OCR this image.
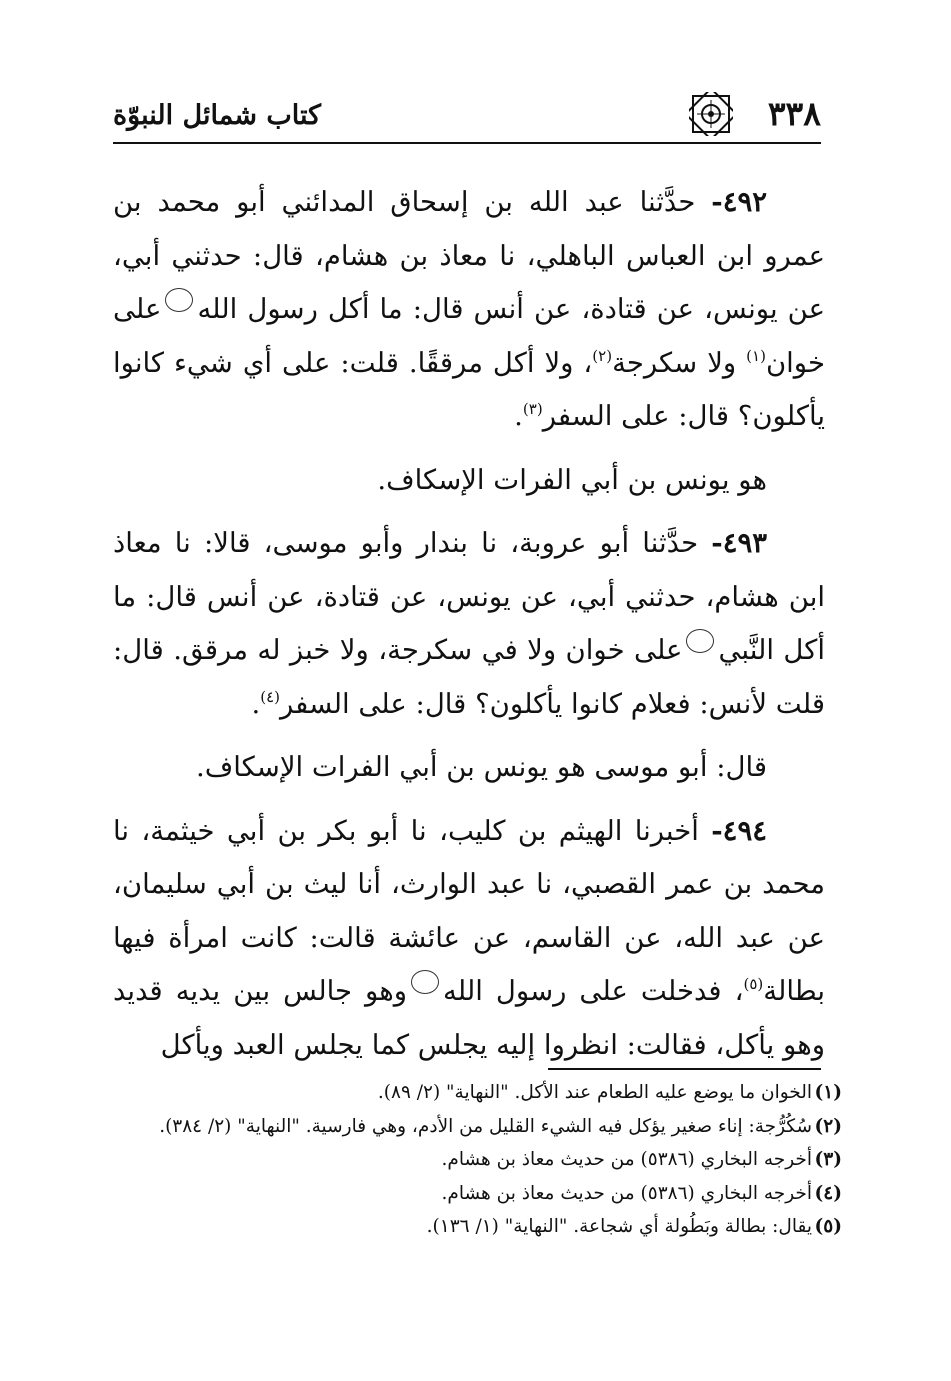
٣٣٨
كتاب شمائل النبوّة

٤٩٢- حدَّثنا عبد الله بن إسحاق المدائني أبو محمد بن عمرو ابن العباس الباهلي، نا معاذ بن هشام، قال: حدثني أبي، عن يونس، عن قتادة، عن أنس قال: ما أكل رسول اللهعلى خوان$^{(١)}$ ولا سكرجة$^{(٢)}$، ولا أكل مرققًا. قلت: على أي شيء كانوا يأكلون؟ قال: على السفر$^{(٣)}$.

هو يونس بن أبي الفرات الإسكاف.

٤٩٣- حدَّثنا أبو عروبة، نا بندار وأبو موسى، قالا: نا معاذ ابن هشام، حدثني أبي، عن يونس، عن قتادة، عن أنس قال: ما أكل النَّبيعلى خوان ولا في سكرجة، ولا خبز له مرقق. قال: قلت لأنس: فعلام كانوا يأكلون؟ قال: على السفر$^{(٤)}$.

قال: أبو موسى هو يونس بن أبي الفرات الإسكاف.

٤٩٤- أخبرنا الهيثم بن كليب، نا أبو بكر بن أبي خيثمة، نا محمد بن عمر القصبي، نا عبد الوارث، أنا ليث بن أبي سليمان، عن عبد الله، عن القاسم، عن عائشة قالت: كانت امرأة فيها بطالة$^{(٥)}$، فدخلت على رسول اللهوهو جالس بين يديه قديد وهو يأكل، فقالت: انظروا إليه يجلس كما يجلس العبد ويأكل

(١)الخوان ما يوضع عليه الطعام عند الأكل. "النهاية" (٢/ ٨٩).

(٢)سُكُرُّجة: إناء صغير يؤكل فيه الشيء القليل من الأدم، وهي فارسية. "النهاية" (٢/ ٣٨٤).

(٣)أخرجه البخاري (٥٣٨٦) من حديث معاذ بن هشام.

(٤)أخرجه البخاري (٥٣٨٦) من حديث معاذ بن هشام.

(٥)يقال: بطالة وبَطُولة أي شجاعة. "النهاية" (١/ ١٣٦).
